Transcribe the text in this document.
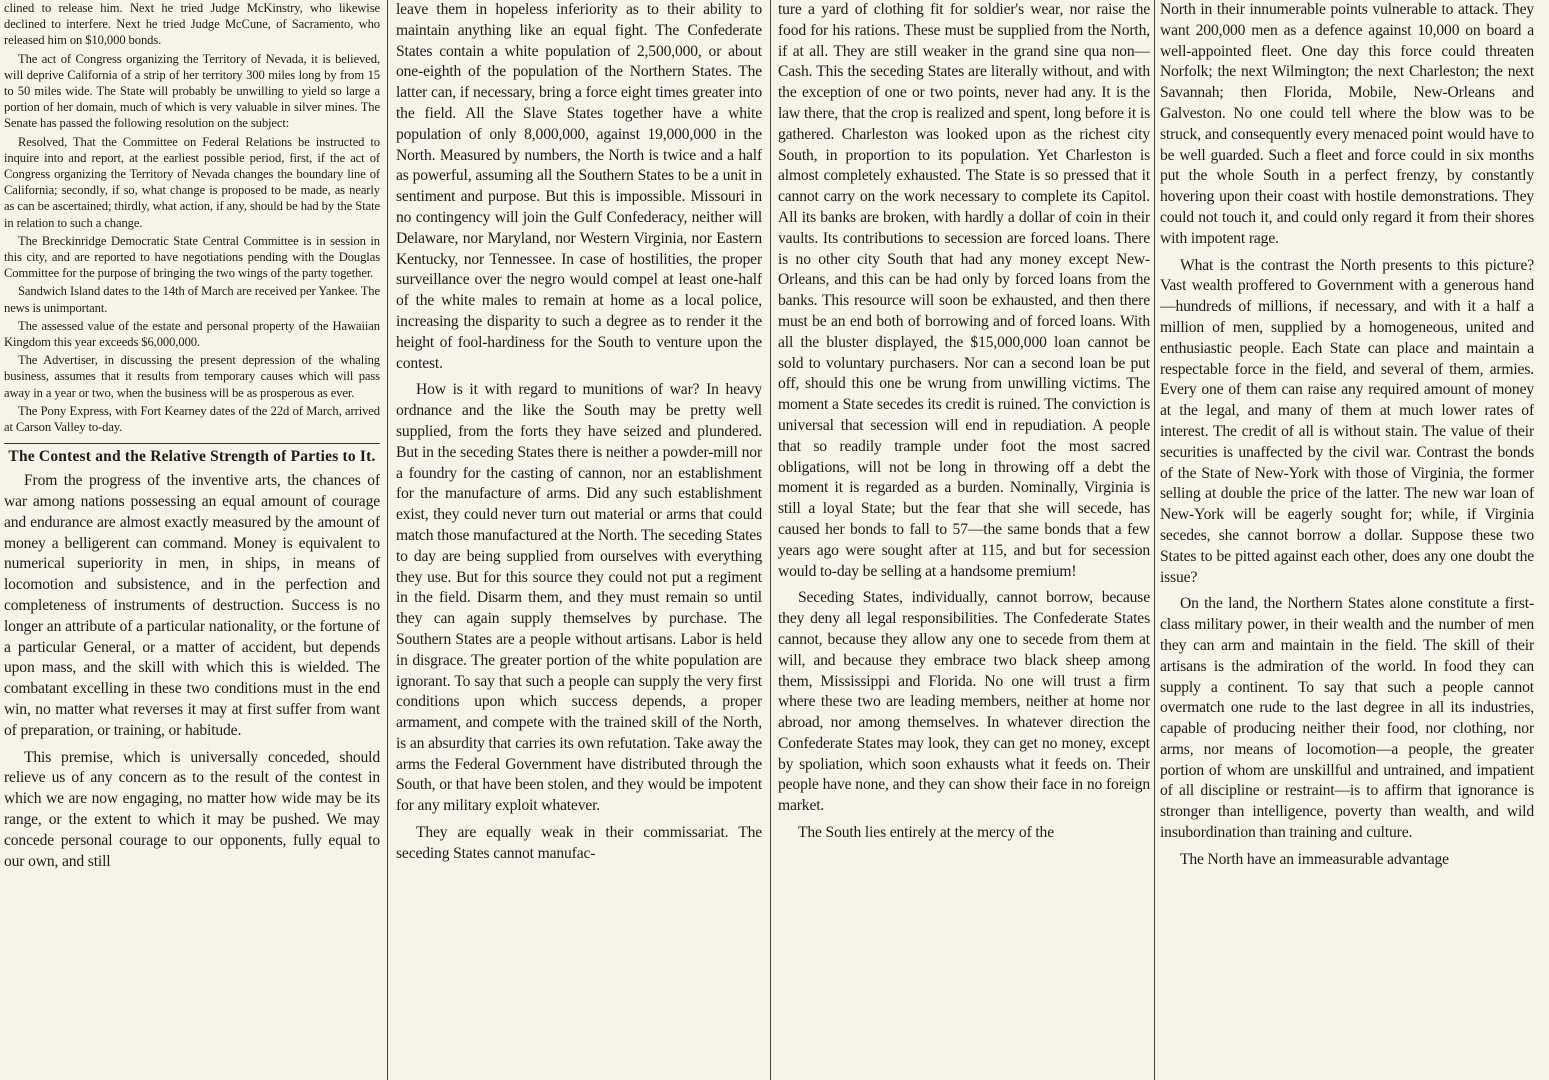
clined to release him. Next he tried Judge McKinstry, who likewise declined to interfere. Next he tried Judge McCune, of Sacramento, who released him on $10,000 bonds.

The act of Congress organizing the Territory of Nevada, it is believed, will deprive California of a strip of her territory 300 miles long by from 15 to 50 miles wide. The State will probably be unwilling to yield so large a portion of her domain, much of which is very valuable in silver mines. The Senate has passed the following resolution on the subject:

Resolved, That the Committee on Federal Relations be instructed to inquire into and report, at the earliest possible period, first, if the act of Congress organizing the Territory of Nevada changes the boundary line of California; secondly, if so, what change is proposed to be made, as nearly as can be ascertained; thirdly, what action, if any, should be had by the State in relation to such a change.

The Breckinridge Democratic State Central Committee is in session in this city, and are reported to have negotiations pending with the Douglas Committee for the purpose of bringing the two wings of the party together.

Sandwich Island dates to the 14th of March are received per Yankee. The news is unimportant.

The assessed value of the estate and personal property of the Hawaiian Kingdom this year exceeds $6,000,000.

The Advertiser, in discussing the present depression of the whaling business, assumes that it results from temporary causes which will pass away in a year or two, when the business will be as prosperous as ever.

The Pony Express, with Fort Kearney dates of the 22d of March, arrived at Carson Valley to-day.

The Contest and the Relative Strength of Parties to It.

From the progress of the inventive arts, the chances of war among nations possessing an equal amount of courage and endurance are almost exactly measured by the amount of money a belligerent can command. Money is equivalent to numerical superiority in men, in ships, in means of locomotion and subsistence, and in the perfection and completeness of instruments of destruction. Success is no longer an attribute of a particular nationality, or the fortune of a particular General, or a matter of accident, but depends upon mass, and the skill with which this is wielded. The combatant excelling in these two conditions must in the end win, no matter what reverses it may at first suffer from want of preparation, or training, or habitude.

This premise, which is universally conceded, should relieve us of any concern as to the result of the contest in which we are now engaging, no matter how wide may be its range, or the extent to which it may be pushed. We may concede personal courage to our opponents, fully equal to our own, and still

leave them in hopeless inferiority as to their ability to maintain anything like an equal fight. The Confederate States contain a white population of 2,500,000, or about one-eighth of the population of the Northern States. The latter can, if necessary, bring a force eight times greater into the field. All the Slave States together have a white population of only 8,000,000, against 19,000,000 in the North. Measured by numbers, the North is twice and a half as powerful, assuming all the Southern States to be a unit in sentiment and purpose. But this is impossible. Missouri in no contingency will join the Gulf Confederacy, neither will Delaware, nor Maryland, nor Western Virginia, nor Eastern Kentucky, nor Tennessee. In case of hostilities, the proper surveillance over the negro would compel at least one-half of the white males to remain at home as a local police, increasing the disparity to such a degree as to render it the height of fool-hardiness for the South to venture upon the contest.

How is it with regard to munitions of war? In heavy ordnance and the like the South may be pretty well supplied, from the forts they have seized and plundered. But in the seceding States there is neither a powder-mill nor a foundry for the casting of cannon, nor an establishment for the manufacture of arms. Did any such establishment exist, they could never turn out material or arms that could match those manufactured at the North. The seceding States to day are being supplied from ourselves with everything they use. But for this source they could not put a regiment in the field. Disarm them, and they must remain so until they can again supply themselves by purchase. The Southern States are a people without artisans. Labor is held in disgrace. The greater portion of the white population are ignorant. To say that such a people can supply the very first conditions upon which success depends, a proper armament, and compete with the trained skill of the North, is an absurdity that carries its own refutation. Take away the arms the Federal Government have distributed through the South, or that have been stolen, and they would be impotent for any military exploit whatever.

They are equally weak in their commissariat. The seceding States cannot manufac-

ture a yard of clothing fit for soldier's wear, nor raise the food for his rations. These must be supplied from the North, if at all. They are still weaker in the grand sine qua non—Cash. This the seceding States are literally without, and with the exception of one or two points, never had any. It is the law there, that the crop is realized and spent, long before it is gathered. Charleston was looked upon as the richest city South, in proportion to its population. Yet Charleston is almost completely exhausted. The State is so pressed that it cannot carry on the work necessary to complete its Capitol. All its banks are broken, with hardly a dollar of coin in their vaults. Its contributions to secession are forced loans. There is no other city South that had any money except New-Orleans, and this can be had only by forced loans from the banks. This resource will soon be exhausted, and then there must be an end both of borrowing and of forced loans. With all the bluster displayed, the $15,000,000 loan cannot be sold to voluntary purchasers. Nor can a second loan be put off, should this one be wrung from unwilling victims. The moment a State secedes its credit is ruined. The conviction is universal that secession will end in repudiation. A people that so readily trample under foot the most sacred obligations, will not be long in throwing off a debt the moment it is regarded as a burden. Nominally, Virginia is still a loyal State; but the fear that she will secede, has caused her bonds to fall to 57—the same bonds that a few years ago were sought after at 115, and but for secession would to-day be selling at a handsome premium!

Seceding States, individually, cannot borrow, because they deny all legal responsibilities. The Confederate States cannot, because they allow any one to secede from them at will, and because they embrace two black sheep among them, Mississippi and Florida. No one will trust a firm where these two are leading members, neither at home nor abroad, nor among themselves. In whatever direction the Confederate States may look, they can get no money, except by spoliation, which soon exhausts what it feeds on. Their people have none, and they can show their face in no foreign market.

The South lies entirely at the mercy of the

North in their innumerable points vulnerable to attack. They want 200,000 men as a defence against 10,000 on board a well-appointed fleet. One day this force could threaten Norfolk; the next Wilmington; the next Charleston; the next Savannah; then Florida, Mobile, New-Orleans and Galveston. No one could tell where the blow was to be struck, and consequently every menaced point would have to be well guarded. Such a fleet and force could in six months put the whole South in a perfect frenzy, by constantly hovering upon their coast with hostile demonstrations. They could not touch it, and could only regard it from their shores with impotent rage.

What is the contrast the North presents to this picture? Vast wealth proffered to Government with a generous hand—hundreds of millions, if necessary, and with it a half a million of men, supplied by a homogeneous, united and enthusiastic people. Each State can place and maintain a respectable force in the field, and several of them, armies. Every one of them can raise any required amount of money at the legal, and many of them at much lower rates of interest. The credit of all is without stain. The value of their securities is unaffected by the civil war. Contrast the bonds of the State of New-York with those of Virginia, the former selling at double the price of the latter. The new war loan of New-York will be eagerly sought for; while, if Virginia secedes, she cannot borrow a dollar. Suppose these two States to be pitted against each other, does any one doubt the issue?

On the land, the Northern States alone constitute a first-class military power, in their wealth and the number of men they can arm and maintain in the field. The skill of their artisans is the admiration of the world. In food they can supply a continent. To say that such a people cannot overmatch one rude to the last degree in all its industries, capable of producing neither their food, nor clothing, nor arms, nor means of locomotion—a people, the greater portion of whom are unskillful and untrained, and impatient of all discipline or restraint—is to affirm that ignorance is stronger than intelligence, poverty than wealth, and wild insubordination than training and culture.

The North have an immeasurable advantage
